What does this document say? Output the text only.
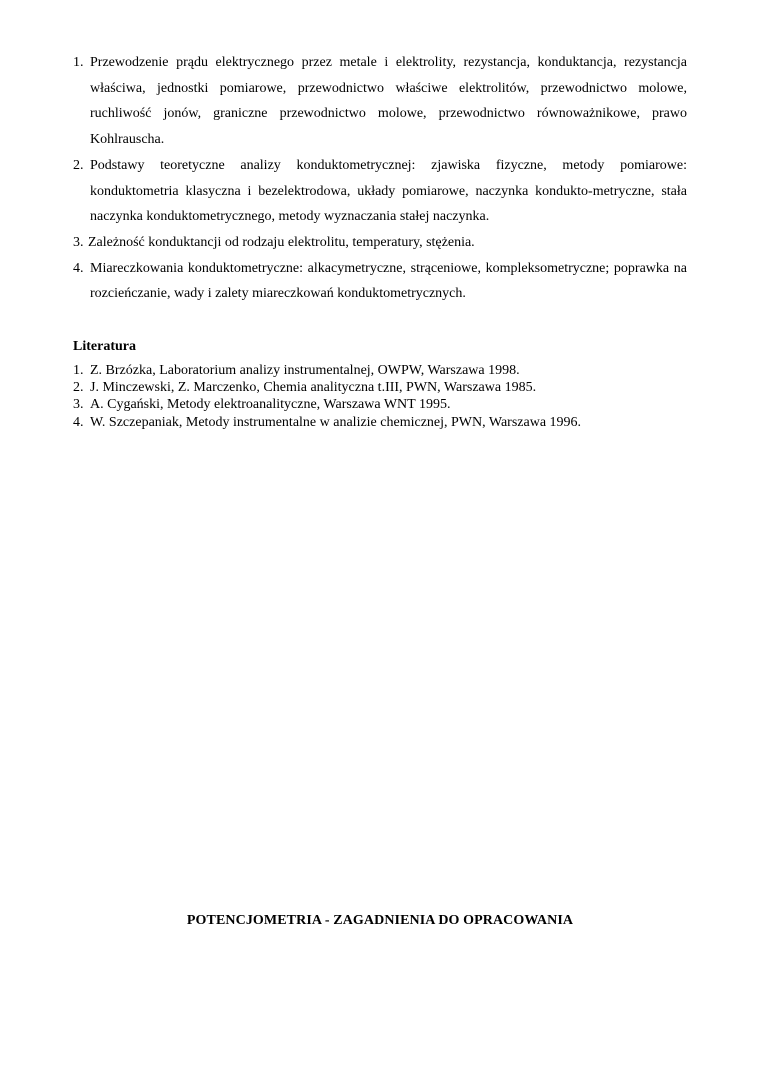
1. Przewodzenie prądu elektrycznego przez metale i elektrolity, rezystancja, konduktancja, rezystancja właściwa, jednostki pomiarowe, przewodnictwo właściwe elektrolitów, przewodnictwo molowe, ruchliwość jonów, graniczne przewodnictwo molowe, przewodnictwo równoważnikowe, prawo Kohlrauscha.
2. Podstawy teoretyczne analizy konduktometrycznej: zjawiska fizyczne, metody pomiarowe: konduktometria klasyczna i bezelektrodowa, układy pomiarowe, naczynka kondukto-metryczne, stała naczynka konduktometrycznego, metody wyznaczania stałej naczynka.
3. Zależność konduktancji od rodzaju elektrolitu, temperatury, stężenia.
4. Miareczkowania konduktometryczne: alkacymetryczne, strąceniowe, kompleksometryczne; poprawka na rozcieńczanie, wady i zalety miareczkowań konduktometrycznych.
Literatura
1. Z. Brzózka, Laboratorium analizy instrumentalnej, OWPW, Warszawa 1998.
2. J. Minczewski, Z. Marczenko, Chemia analityczna t.III, PWN, Warszawa 1985.
3. A. Cygański, Metody elektroanalityczne, Warszawa WNT 1995.
4. W. Szczepaniak, Metody instrumentalne w analizie chemicznej, PWN, Warszawa 1996.
POTENCJOMETRIA - ZAGADNIENIA DO OPRACOWANIA
